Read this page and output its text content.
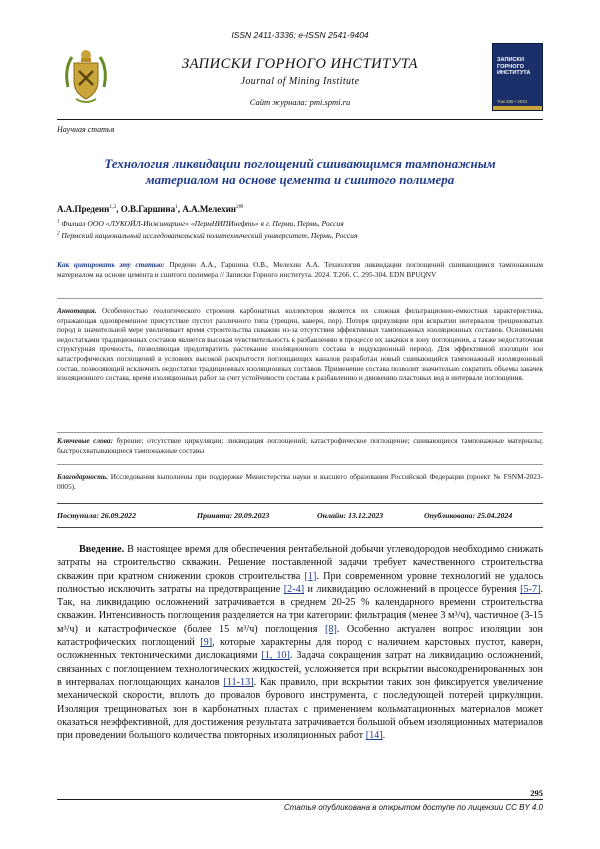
ISSN 2411-3336; e-ISSN 2541-9404
ЗАПИСКИ ГОРНОГО ИНСТИТУТА
Journal of Mining Institute
Сайт журнала: pmi.spmi.ru
ЗАПИСКИ ГОРНОГО ИНСТИТУТА
Том 265 • 2024
Научная статья
Технология ликвидации поглощений сшивающимся тампонажным материалом на основе цемента и сшитого полимера
А.А.Предеин$^{1,2}$, О.В.Гаршина$^1$, А.А.Мелехин$^{2✉}$
$^1$ Филиал ООО «ЛУКОЙЛ-Инжиниринг» «ПермНИПИнефть» в г. Перми, Пермь, Россия
$^2$ Пермский национальный исследовательский политехнический университет, Пермь, Россия
Как цитировать эту статью: Предеин А.А., Гаршина О.В., Мелехин А.А. Технология ликвидации поглощений сшивающимся тампонажным материалом на основе цемента и сшитого полимера // Записки Горного института. 2024. Т.266. С. 295-304. EDN BPUQNV
Аннотация. Особенностью геологического строения карбонатных коллекторов является их сложная фильтрационно-емкостная характеристика, отражающая одновременное присутствие пустот различного типа (трещин, каверн, пор). Потеря циркуляции при вскрытии интервалов трещиноватых пород в значительной мере увеличивает время строительства скважин из-за отсутствия эффективных тампонажных изоляционных составов. Основными недостатками традиционных составов является высокая чувствительность к разбавлению в процессе их закачки в зону поглощения, а также недостаточная структурная прочность, позволяющая предотвратить растекание изоляционного состава в индукционный период. Для эффективной изоляции зон катастрофических поглощений в условиях высокой раскрытости поглощающих каналов разработан новый сшивающийся тампонажный изоляционный состав, позволяющий исключить недостатки традиционных изоляционных составов. Применение состава позволит значительно сократить объемы закачек изоляционного состава, время изоляционных работ за счет устойчивости состава к разбавлению и движению пластовых вод в интервале поглощения.
Ключевые слова: бурение; отсутствие циркуляции; ликвидация поглощений; катастрофическое поглощение; сшивающиеся тампонажные материалы; быстросхватывающиеся тампонажные составы
Благодарность. Исследования выполнены при поддержке Министерства науки и высшего образования Российской Федерации (проект № FSNM-2023-0005).
Поступила: 26.09.2022	Принята: 20.09.2023	Онлайн: 13.12.2023	Опубликована: 25.04.2024
Введение. В настоящее время для обеспечения рентабельной добычи углеводородов необходимо снижать затраты на строительство скважин. Решение поставленной задачи требует качественного строительства скважин при кратном снижении сроков строительства [1]. При современном уровне технологий не удалось полностью исключить затраты на предотвращение [2-4] и ликвидацию осложнений в процессе бурения [5-7]. Так, на ликвидацию осложнений затрачивается в среднем 20-25 % календарного времени строительства скважин. Интенсивность поглощения разделяется на три категории: фильтрация (менее 3 м³/ч), частичное (3-15 м³/ч) и катастрофическое (более 15 м³/ч) поглощения [8]. Особенно актуален вопрос изоляции зон катастрофических поглощений [9], которые характерны для пород с наличием карстовых пустот, каверн, осложненных тектоническими дислокациями [1, 10]. Задача сокращения затрат на ликвидацию осложнений, связанных с поглощением технологических жидкостей, усложняется при вскрытии высокодренированных зон в интервалах поглощающих каналов [11-13]. Как правило, при вскрытии таких зон фиксируется увеличение механической скорости, вплоть до провалов бурового инструмента, с последующей потерей циркуляции. Изоляция трещиноватых зон в карбонатных пластах с применением кольматационных материалов может оказаться неэффективной, для достижения результата затрачивается большой объем изоляционных материалов при проведении большого количества повторных изоляционных работ [14].
295
Статья опубликована в открытом доступе по лицензии CC BY 4.0
